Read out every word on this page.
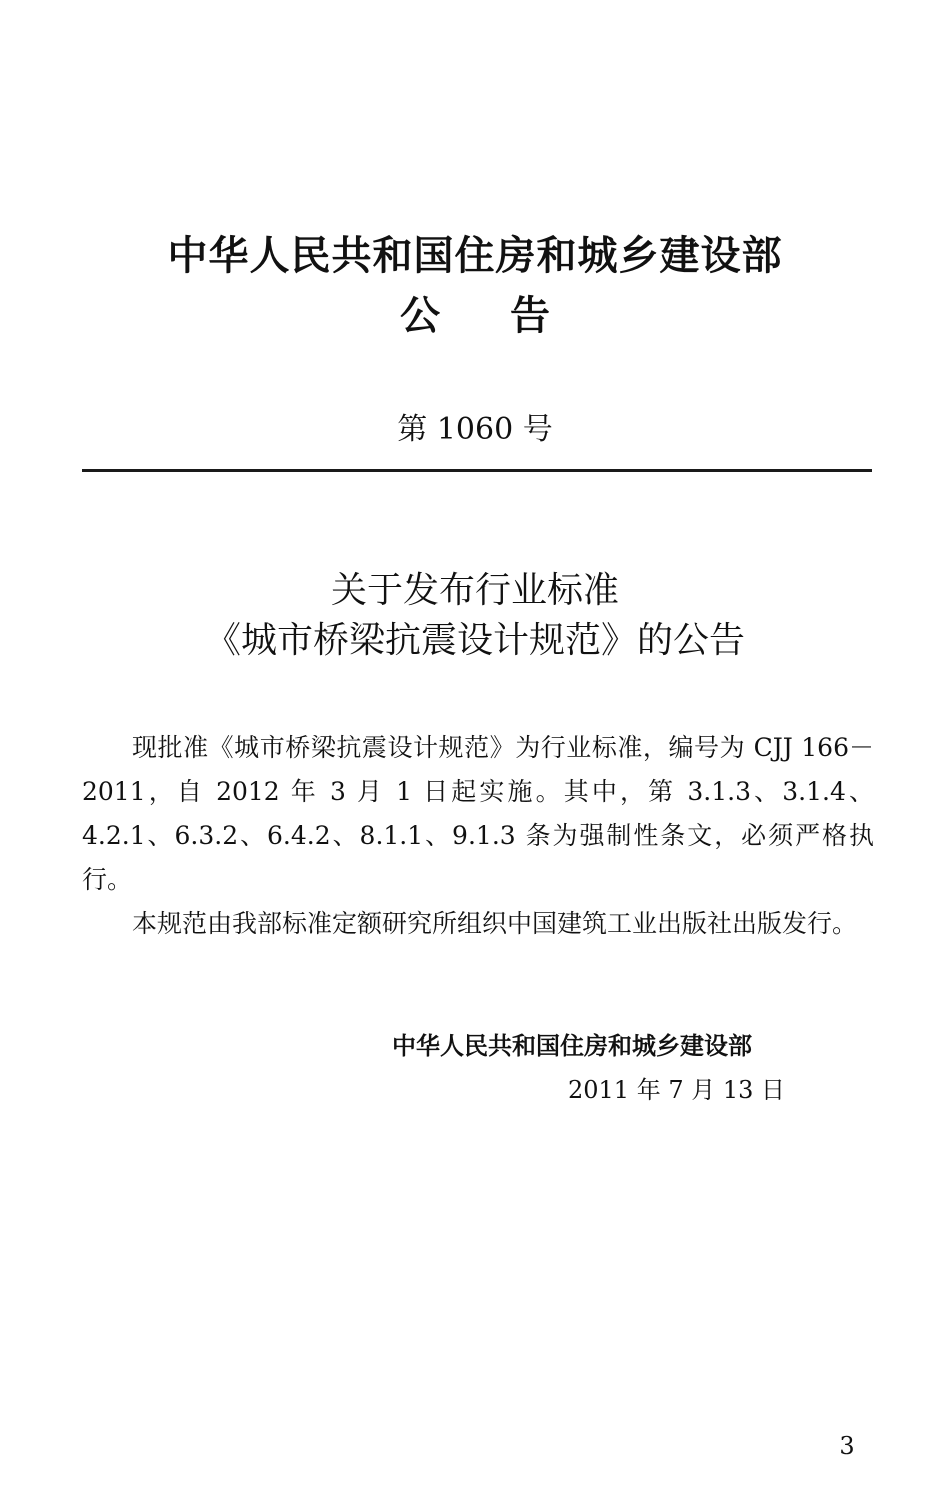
中华人民共和国住房和城乡建设部
公 告
第 1060 号
关于发布行业标准
《城市桥梁抗震设计规范》的公告

现批准《城市桥梁抗震设计规范》为行业标准，编号为 CJJ 166－2011，自 2012 年 3 月 1 日起实施。其中，第 3.1.3、3.1.4、4.2.1、6.3.2、6.4.2、8.1.1、9.1.3 条为强制性条文，必须严格执行。

本规范由我部标准定额研究所组织中国建筑工业出版社出版发行。

中华人民共和国住房和城乡建设部
2011 年 7 月 13 日
3
